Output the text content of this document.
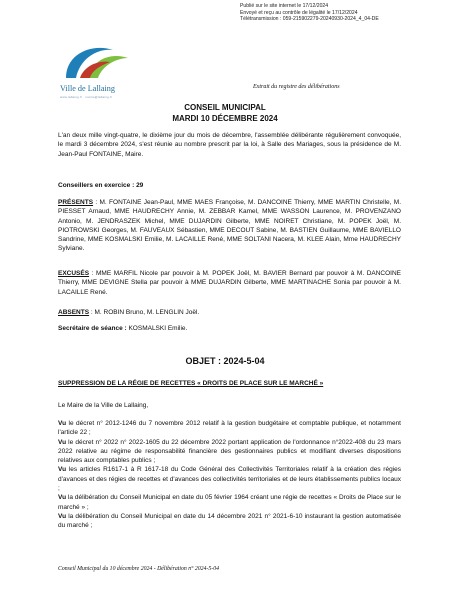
Publié sur le site internet le 17/12/2024
Envoyé et reçu au contrôle de légalité le 17/12/2024
Télétransmission : 059-215902279-20240930-2024_4_04-DE
Ville de Lallaing
www.lallaing.fr · mairie@lallaing.fr
Extrait du registre des délibérations
CONSEIL MUNICIPAL
MARDI 10 DÉCEMBRE 2024
L'an deux mille vingt-quatre, le dixième jour du mois de décembre, l'assemblée délibérante régulièrement convoquée, le mardi 3 décembre 2024, s'est réunie au nombre prescrit par la loi, à Salle des Mariages, sous la présidence de M. Jean-Paul FONTAINE, Maire.
Conseillers en exercice : 29
PRÉSENTS : M. FONTAINE Jean-Paul, MME MAES Françoise, M. DANCOINE Thierry, MME MARTIN Christelle, M. PIESSET Arnaud, MME HAUDRECHY Annie, M. ZEBBAR Kamel, MME WASSON Laurence, M. PROVENZANO Antonio, M. JENDRASZEK Michel, MME DUJARDIN Gilberte, MME NOIRET Christiane, M. POPEK Joël, M. PIOTROWSKI Georges, M. FAUVEAUX Sébastien, MME DECOUT Sabine, M. BASTIEN Guillaume, MME BAVIELLO Sandrine, MME KOSMALSKI Emilie, M. LACAILLE René, MME SOLTANI Nacera, M. KLEE Alain, Mme HAUDRECHY Sylviane.
EXCUSÉS : MME MARFIL Nicole par pouvoir à M. POPEK Joël, M. BAVIER Bernard par pouvoir à M. DANCOINE Thierry, MME DEVIGNE Stella par pouvoir à MME DUJARDIN Gilberte, MME MARTINACHE Sonia par pouvoir à M. LACAILLE René.
ABSENTS : M. ROBIN Bruno, M. LENGLIN Joël.
Secrétaire de séance : KOSMALSKI Emilie.
OBJET : 2024-5-04
SUPPRESSION DE LA RÉGIE DE RECETTES « DROITS DE PLACE SUR LE MARCHÉ »
Le Maire de la Ville de Lallaing,
Vu le décret n° 2012-1246 du 7 novembre 2012 relatif à la gestion budgétaire et comptable publique, et notamment l'article 22 ;
Vu le décret n° 2022 n° 2022-1605 du 22 décembre 2022 portant application de l'ordonnance n°2022-408 du 23 mars 2022 relative au régime de responsabilité financière des gestionnaires publics et modifiant diverses dispositions relatives aux comptables publics ;
Vu les articles R1617-1 à R 1617-18 du Code Général des Collectivités Territoriales relatif à la création des régies d'avances et des régies de recettes et d'avances des collectivités territoriales et de leurs établissements publics locaux ;
Vu la délibération du Conseil Municipal en date du 05 février 1964 créant une régie de recettes « Droits de Place sur le marché » ;
Vu la délibération du Conseil Municipal en date du 14 décembre 2021 n° 2021-6-10 instaurant la gestion automatisée du marché ;
Conseil Municipal du 10 décembre 2024 - Délibération n° 2024-5-04
